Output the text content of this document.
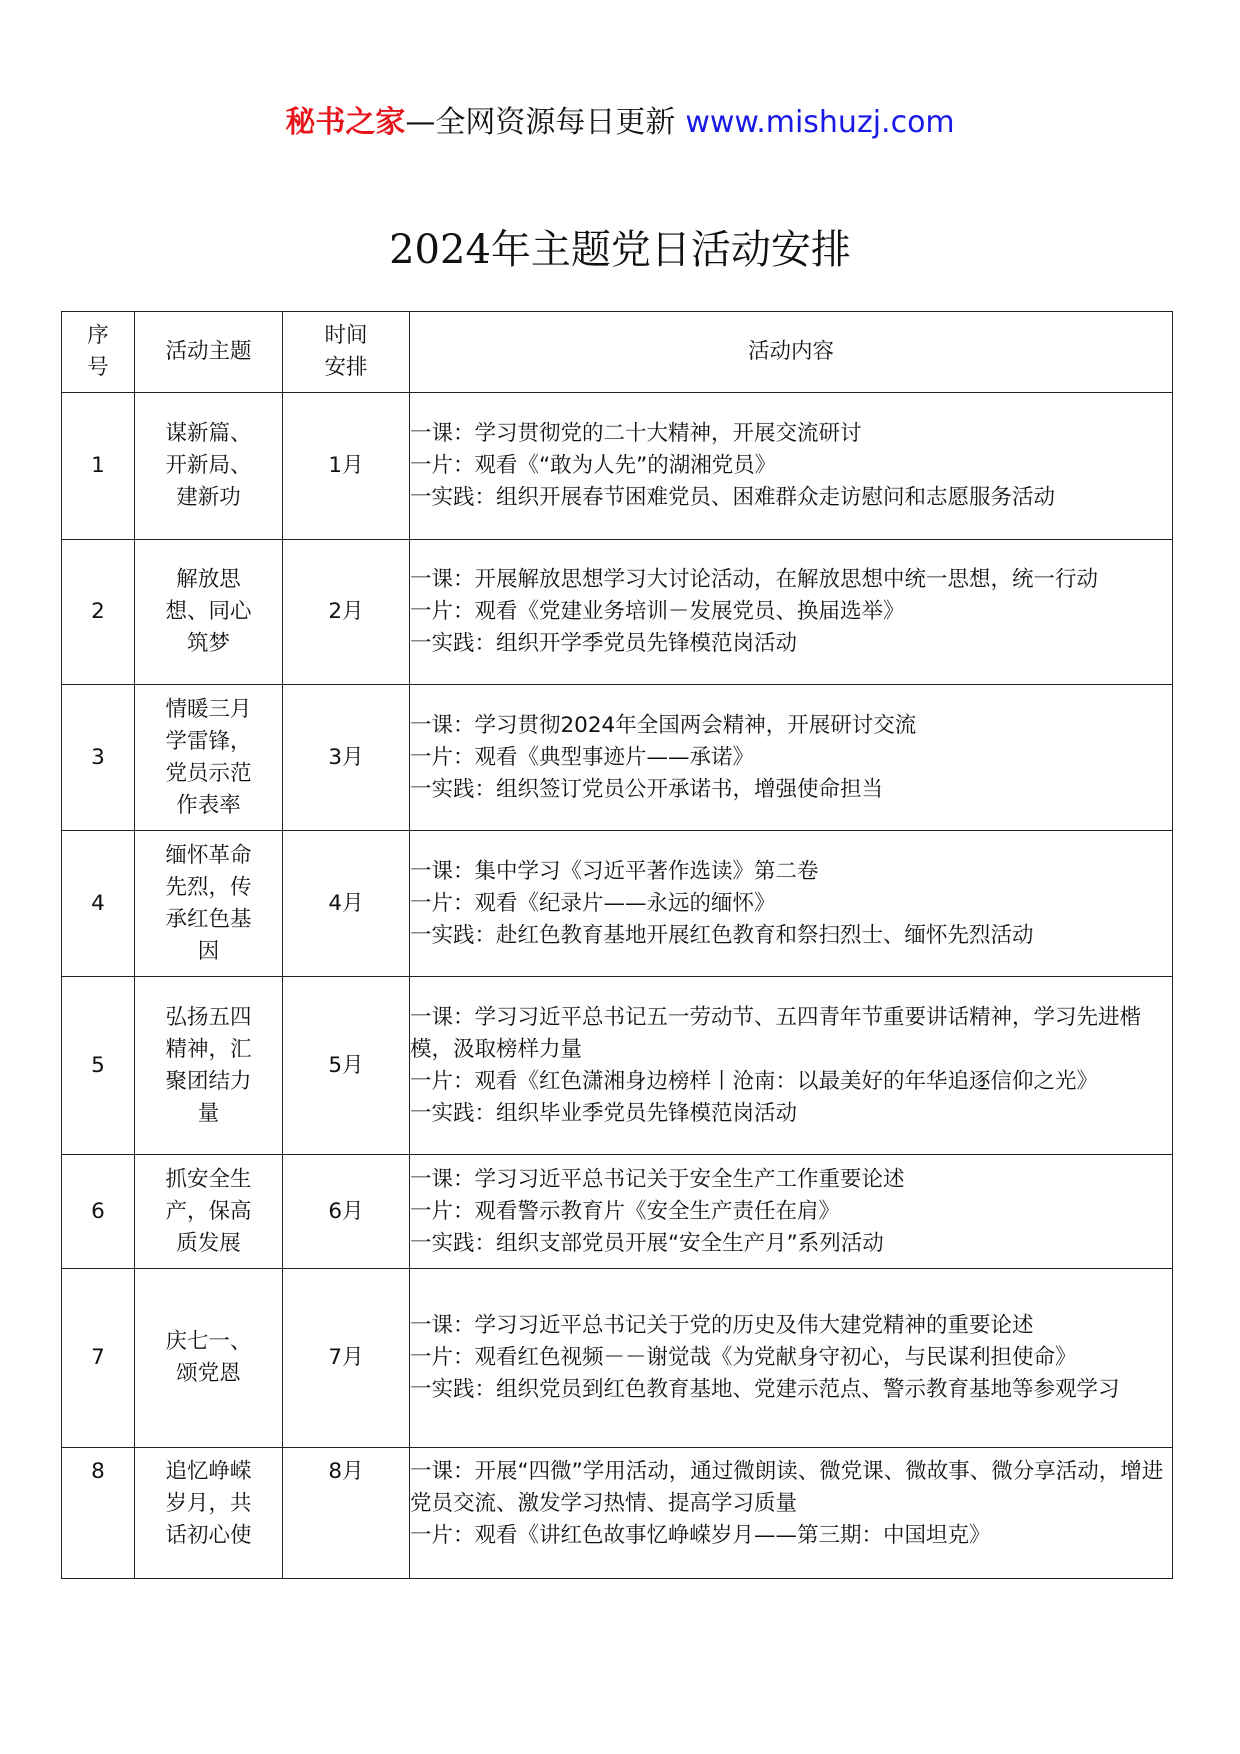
秘书之家—全网资源每日更新 www.mishuzj.com
2024年主题党日活动安排
序号	活动主题	时间安排	活动内容

1	谋新篇、开新局、建新功	1月	一课：学习贯彻党的二十大精神，开展交流研讨
一片：观看《“敢为人先”的湖湘党员》
一实践：组织开展春节困难党员、困难群众走访慰问和志愿服务活动

2	解放思想、同心筑梦	2月	一课：开展解放思想学习大讨论活动，在解放思想中统一思想，统一行动
一片：观看《党建业务培训－发展党员、换届选举》
一实践：组织开学季党员先锋模范岗活动

3	情暖三月学雷锋，党员示范作表率	3月	一课：学习贯彻2024年全国两会精神，开展研讨交流
一片：观看《典型事迹片——承诺》
一实践：组织签订党员公开承诺书，增强使命担当

4	缅怀革命先烈，传承红色基因	4月	一课：集中学习《习近平著作选读》第二卷
一片：观看《纪录片——永远的缅怀》
一实践：赴红色教育基地开展红色教育和祭扫烈士、缅怀先烈活动

5	弘扬五四精神，汇聚团结力量	5月	一课：学习习近平总书记五一劳动节、五四青年节重要讲话精神，学习先进楷模，汲取榜样力量
一片：观看《红色潇湘身边榜样丨沧南：以最美好的年华追逐信仰之光》
一实践：组织毕业季党员先锋模范岗活动

6	抓安全生产，保高质发展	6月	一课：学习习近平总书记关于安全生产工作重要论述
一片：观看警示教育片《安全生产责任在肩》
一实践：组织支部党员开展“安全生产月”系列活动

7	庆七一、颂党恩	7月	一课：学习习近平总书记关于党的历史及伟大建党精神的重要论述
一片：观看红色视频－－谢觉哉《为党献身守初心，与民谋利担使命》
一实践：组织党员到红色教育基地、党建示范点、警示教育基地等参观学习

8	追忆峥嵘岁月，共话初心使	8月	一课：开展“四微”学用活动，通过微朗读、微党课、微故事、微分享活动，增进党员交流、激发学习热情、提高学习质量
一片：观看《讲红色故事忆峥嵘岁月——第三期：中国坦克》
